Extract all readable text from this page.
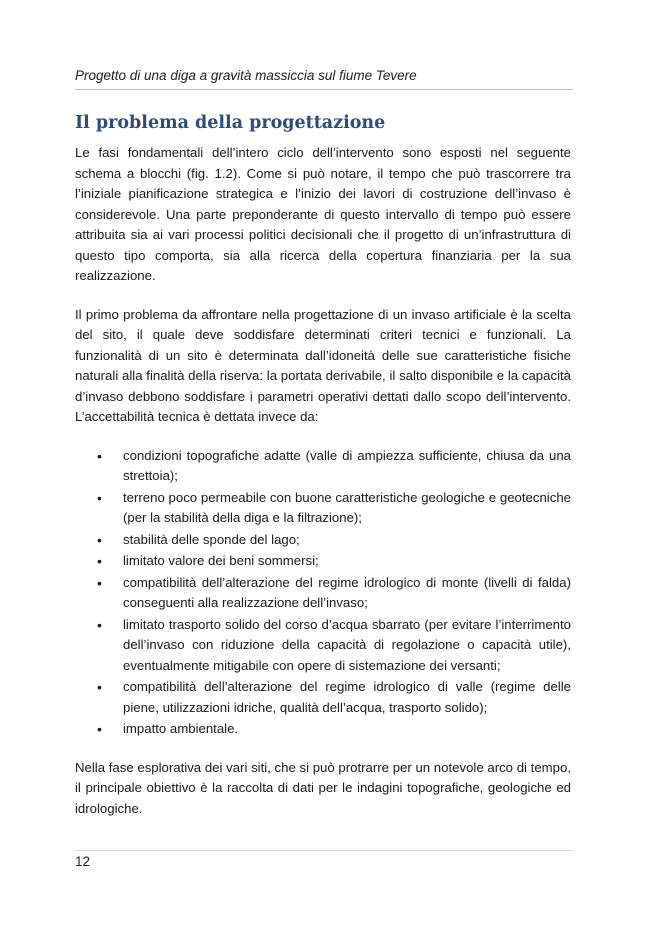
Progetto di una diga a gravità massiccia sul fiume Tevere
Il problema della progettazione

Le fasi fondamentali dell’intero ciclo dell’intervento sono esposti nel seguente schema a blocchi (fig. 1.2). Come si può notare, il tempo che può trascorrere tra l’iniziale pianificazione strategica e l’inizio dei lavori di costruzione dell’invaso è considerevole. Una parte preponderante di questo intervallo di tempo può essere attribuita sia ai vari processi politici decisionali che il progetto di un’infrastruttura di questo tipo comporta, sia alla ricerca della copertura finanziaria per la sua realizzazione.

Il primo problema da affrontare nella progettazione di un invaso artificiale è la scelta del sito, il quale deve soddisfare determinati criteri tecnici e funzionali. La funzionalità di un sito è determinata dall’idoneità delle sue caratteristiche fisiche naturali alla finalità della riserva: la portata derivabile, il salto disponibile e la capacità d’invaso debbono soddisfare i parametri operativi dettati dallo scopo dell’intervento. L’accettabilità tecnica è dettata invece da:

• condizioni topografiche adatte (valle di ampiezza sufficiente, chiusa da una strettoia);
• terreno poco permeabile con buone caratteristiche geologiche e geotecniche (per la stabilità della diga e la filtrazione);
• stabilità delle sponde del lago;
• limitato valore dei beni sommersi;
• compatibilità dell’alterazione del regime idrologico di monte (livelli di falda) conseguenti alla realizzazione dell’invaso;
• limitato trasporto solido del corso d’acqua sbarrato (per evitare l’interrimento dell’invaso con riduzione della capacità di regolazione o capacità utile), eventualmente mitigabile con opere di sistemazione dei versanti;
• compatibilità dell’alterazione del regime idrologico di valle (regime delle piene, utilizzazioni idriche, qualità dell’acqua, trasporto solido);
• impatto ambientale.

Nella fase esplorativa dei vari siti, che si può protrarre per un notevole arco di tempo, il principale obiettivo è la raccolta di dati per le indagini topografiche, geologiche ed idrologiche.

12
